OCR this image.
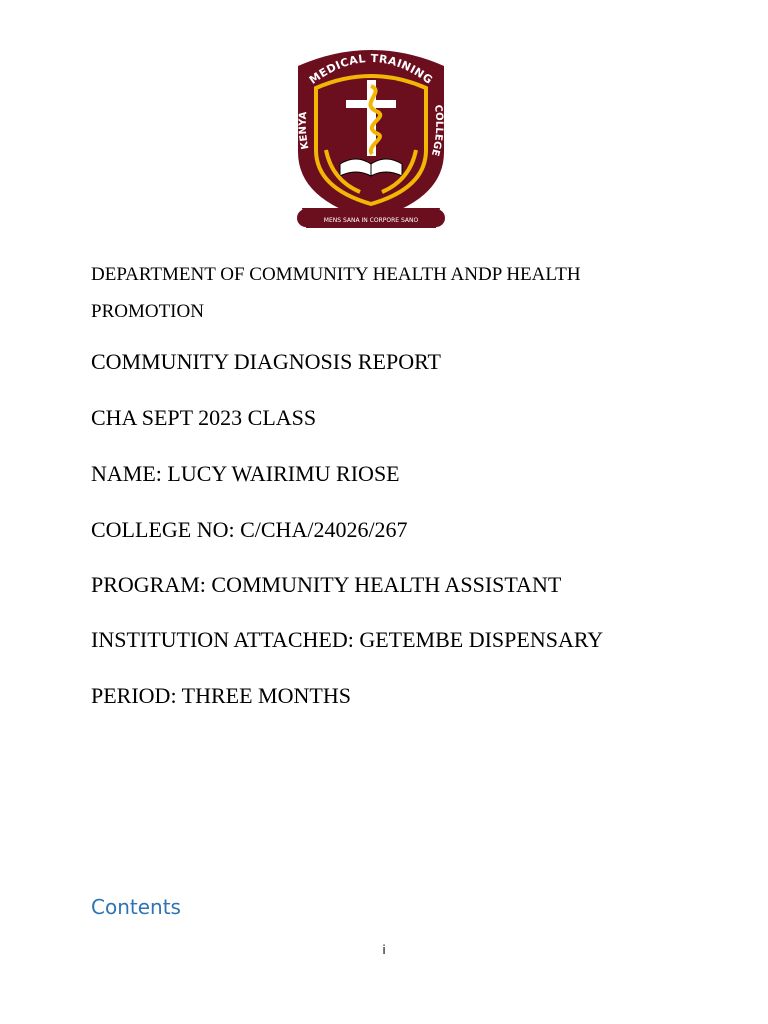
MENS SANA IN CORPORE SANO
MEDICAL TRAINING
KENYA
COLLEGE
DEPARTMENT OF COMMUNITY HEALTH ANDP HEALTH PROMOTION
COMMUNITY DIAGNOSIS REPORT
CHA SEPT 2023 CLASS
NAME: LUCY WAIRIMU RIOSE
COLLEGE NO: C/CHA/24026/267
PROGRAM: COMMUNITY HEALTH ASSISTANT
INSTITUTION ATTACHED: GETEMBE DISPENSARY
PERIOD: THREE MONTHS
Contents
i
